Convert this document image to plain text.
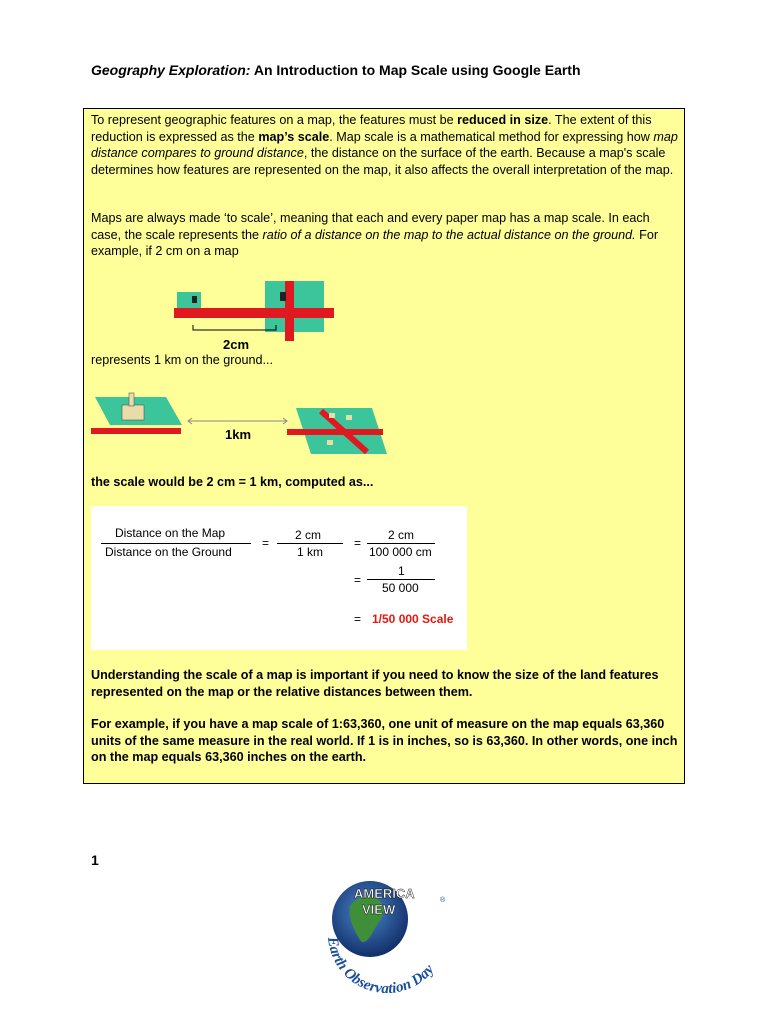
Geography Exploration: An Introduction to Map Scale using Google Earth

To represent geographic features on a map, the features must be reduced in size. The extent of this reduction is expressed as the map’s scale. Map scale is a mathematical method for expressing how map distance compares to ground distance, the distance on the surface of the earth. Because a map's scale determines how features are represented on the map, it also affects the overall interpretation of the map.

Maps are always made ‘to scale’, meaning that each and every paper map has a map scale. In each case, the scale represents the ratio of a distance on the map to the actual distance on the ground. For example, if 2 cm on a map

2cm

represents 1 km on the ground...

1km

the scale would be 2 cm = 1 km, computed as...

Distance on the Map
Distance on the Ground
=
2 cm
1 km
=
2 cm
100 000 cm
=
1
50 000
= 1/50 000 Scale

Understanding the scale of a map is important if you need to know the size of the land features represented on the map or the relative distances between them.

For example, if you have a map scale of 1:63,360, one unit of measure on the map equals 63,360 units of the same measure in the real world. If 1 is in inches, so is 63,360. In other words, one inch on the map equals 63,360 inches on the earth.

1
AMERICA
VIEW
Earth Observation Day
®
